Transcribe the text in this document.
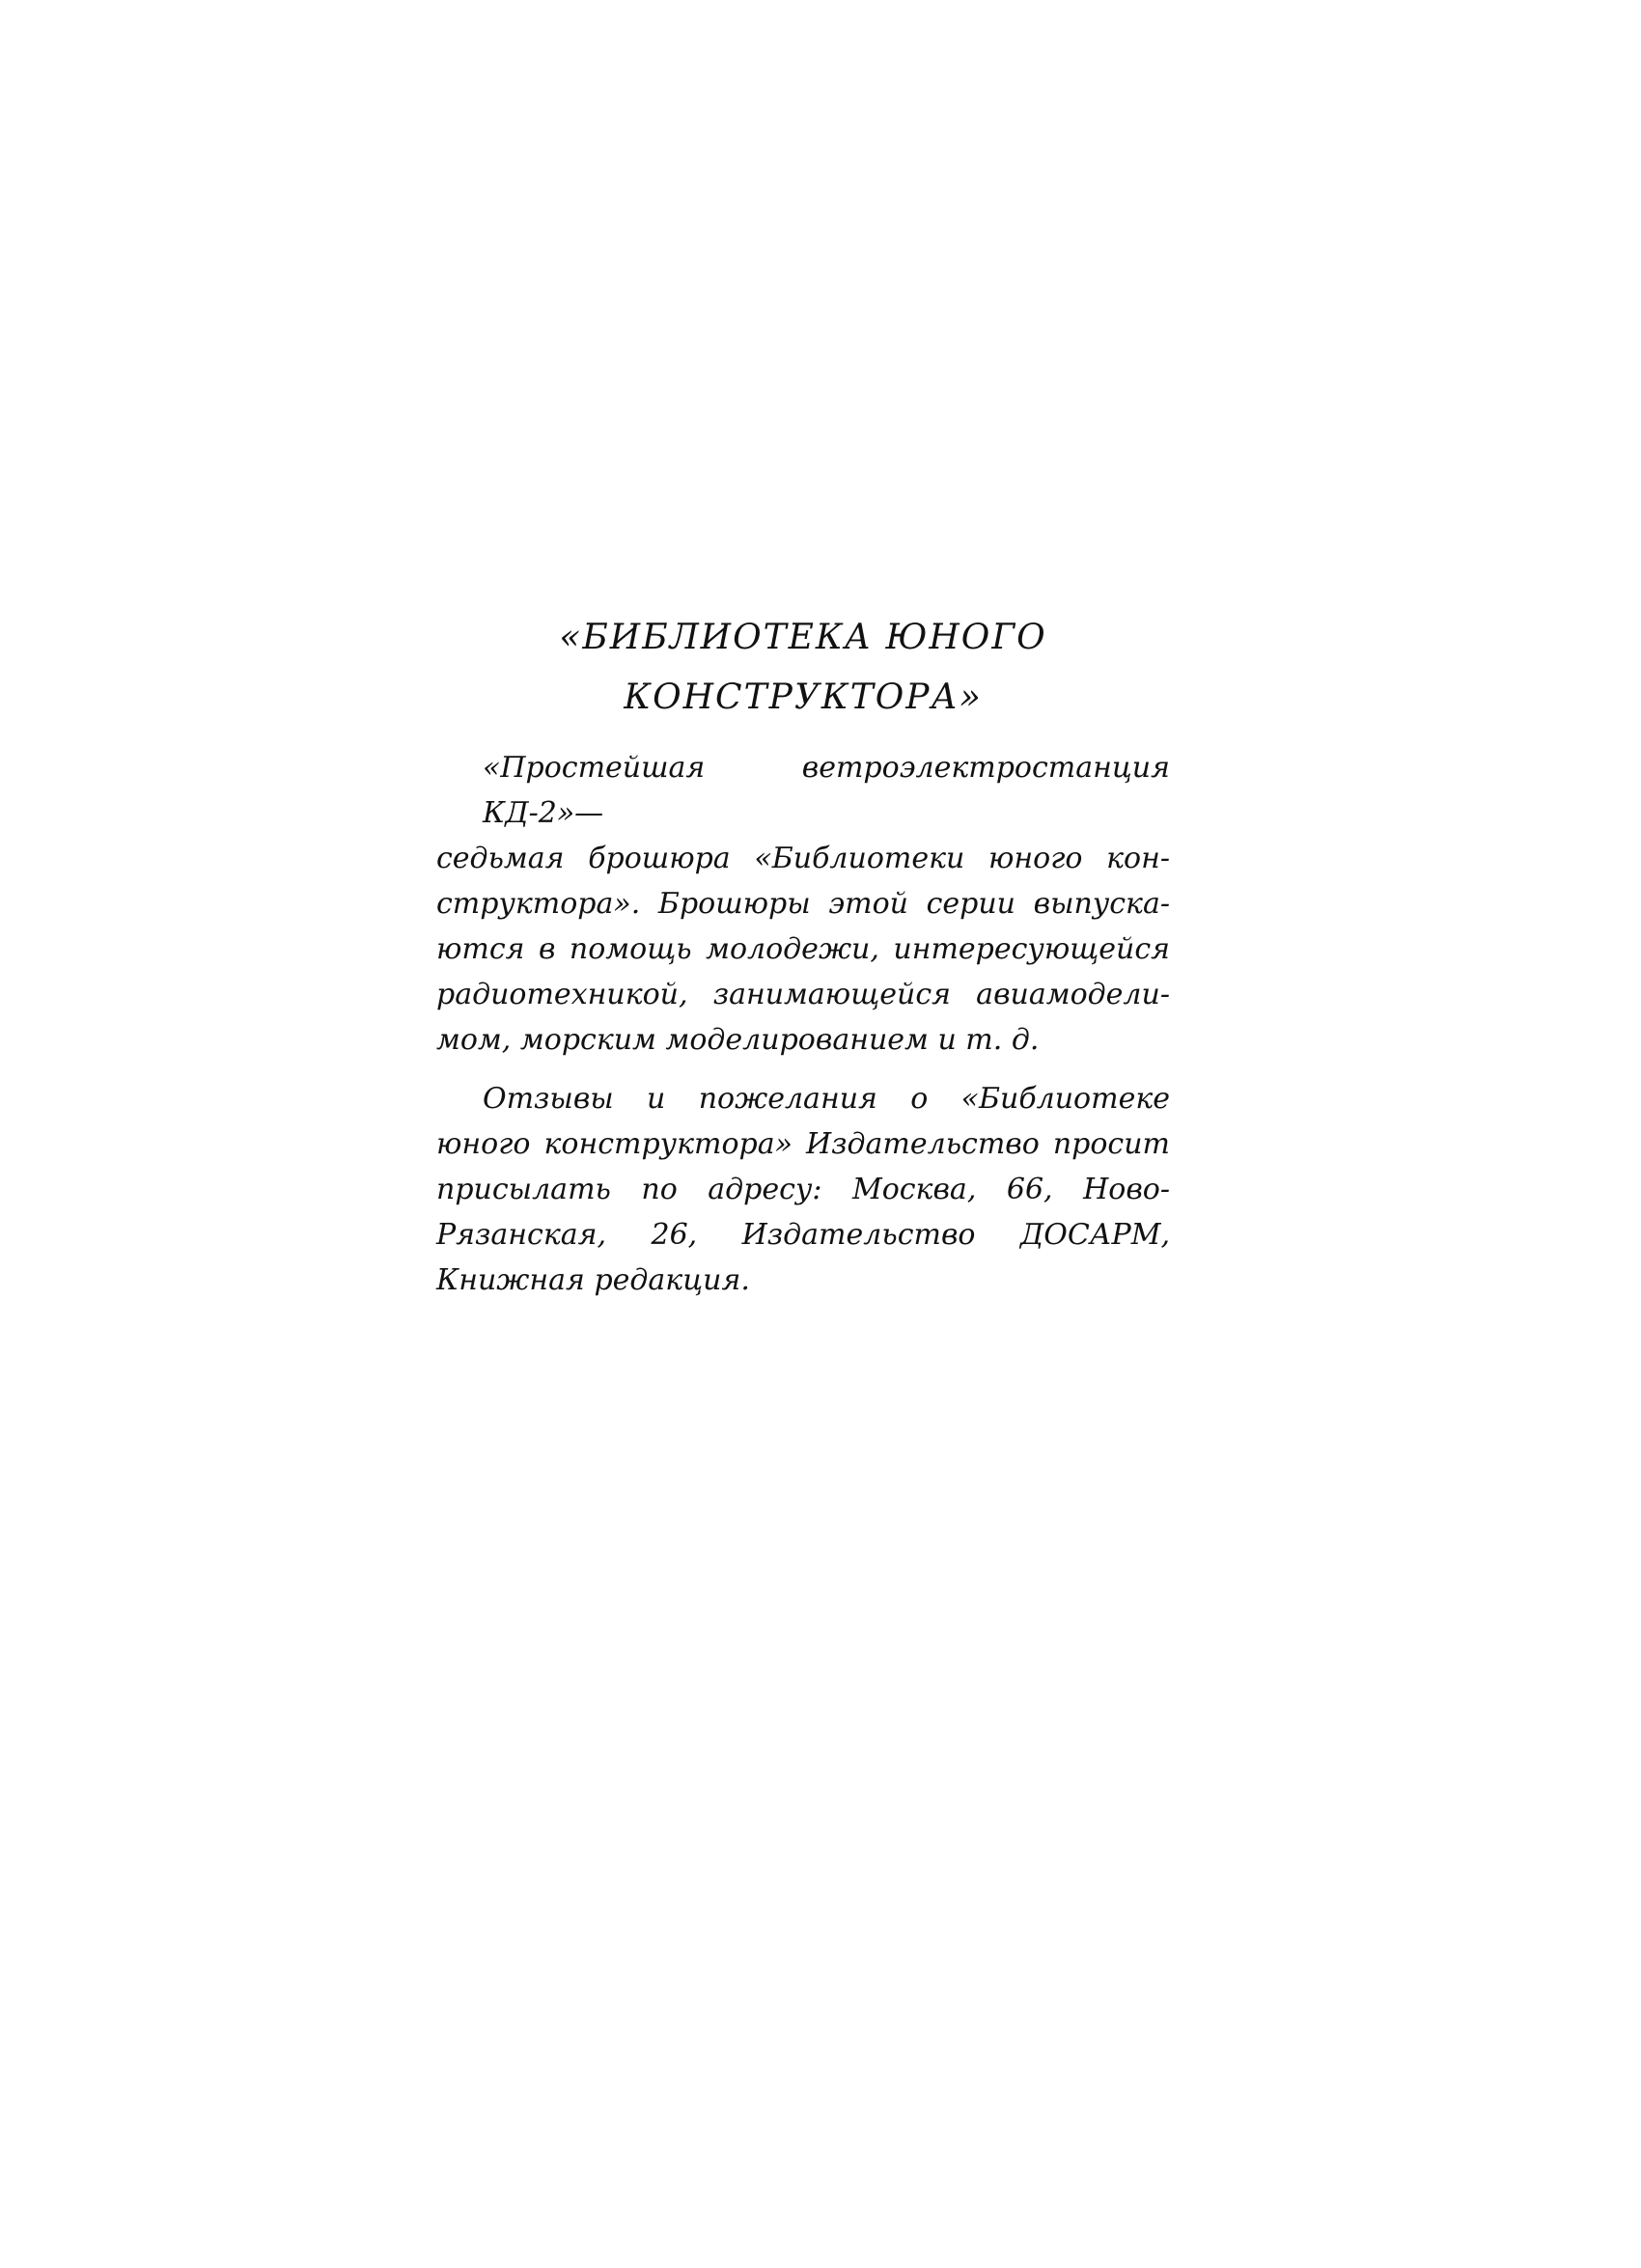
«БИБЛИОТЕКА ЮНОГО
КОНСТРУКТОРА»

«Простейшая ветроэлектростанция КД-2»—
седьмая брошюра «Библиотеки юного кон-
структора». Брошюры этой серии выпуска-
ются в помощь молодежи, интересующейся
радиотехникой, занимающейся авиамодели-
мом, морским моделированием и т. д.

Отзывы и пожелания о «Библиотеке
юного конструктора» Издательство просит
присылать по адресу: Москва, 66, Ново-
Рязанская, 26, Издательство ДОСАРМ,
Книжная редакция.
